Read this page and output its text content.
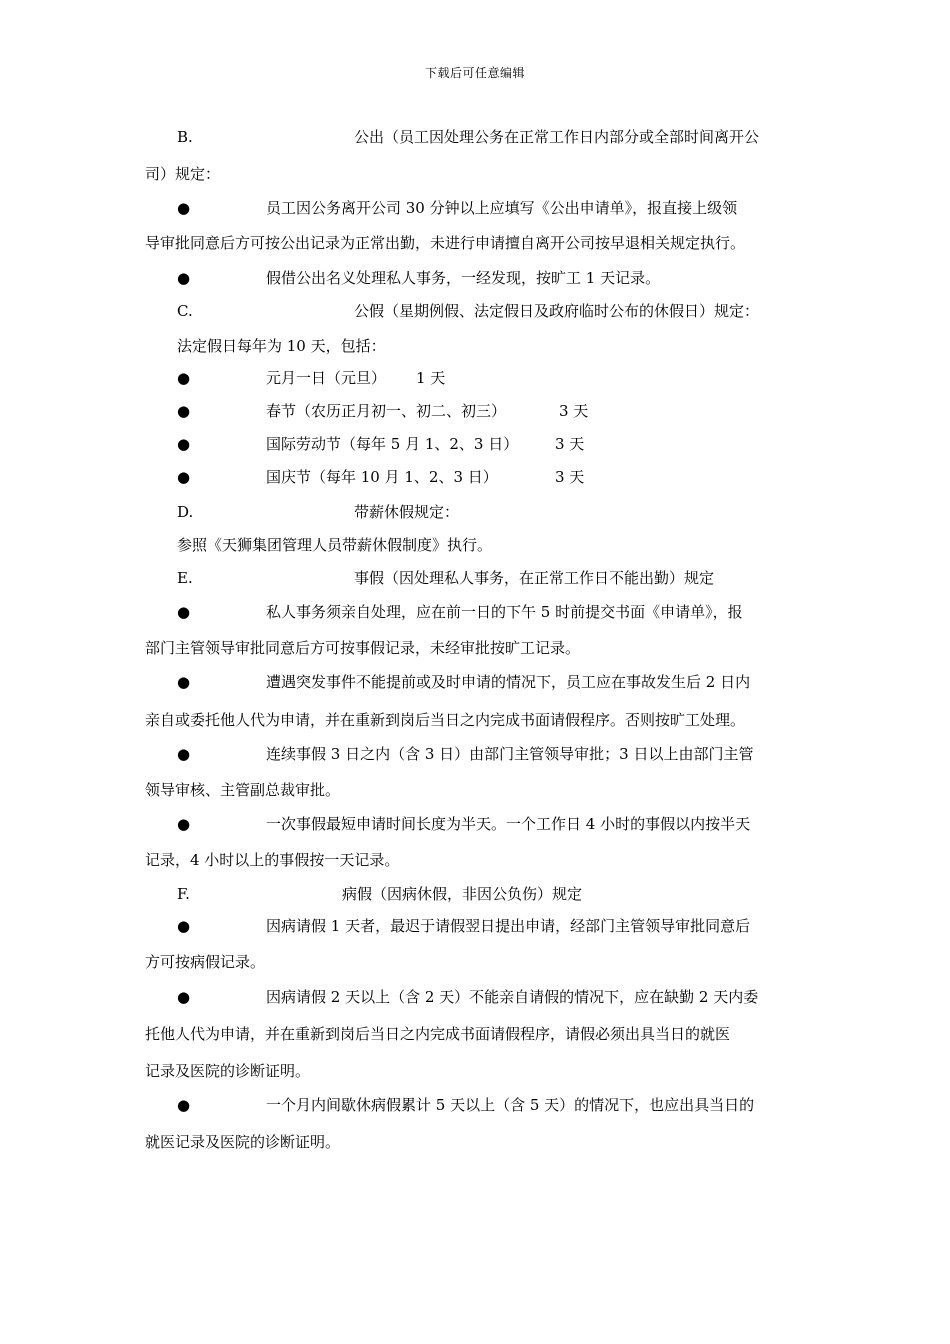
下载后可任意编辑
B.	公出（员工因处理公务在正常工作日内部分或全部时间离开公
司）规定：
●	员工因公务离开公司 30 分钟以上应填写《公出申请单》，报直接上级领
导审批同意后方可按公出记录为正常出勤，未进行申请擅自离开公司按早退相关规定执行。
●	假借公出名义处理私人事务，一经发现，按旷工 1 天记录。
C.	公假（星期例假、法定假日及政府临时公布的休假日）规定：
法定假日每年为 10 天，包括：
●	元月一日（元旦） 1 天
●	春节（农历正月初一、初二、初三）	3 天
●	国际劳动节（每年 5 月 1、2、3 日） 3 天
●	国庆节（每年 10 月 1、2、3 日）	3 天
D.	带薪休假规定：
参照《天狮集团管理人员带薪休假制度》执行。
E.	事假（因处理私人事务，在正常工作日不能出勤）规定
●	私人事务须亲自处理，应在前一日的下午 5 时前提交书面《申请单》，报
部门主管领导审批同意后方可按事假记录，未经审批按旷工记录。
●	遭遇突发事件不能提前或及时申请的情况下，员工应在事故发生后 2 日内
亲自或委托他人代为申请，并在重新到岗后当日之内完成书面请假程序。否则按旷工处理。
●	连续事假 3 日之内（含 3 日）由部门主管领导审批；3 日以上由部门主管
领导审核、主管副总裁审批。
●	一次事假最短申请时间长度为半天。一个工作日 4 小时的事假以内按半天
记录，4 小时以上的事假按一天记录。
F.	病假（因病休假，非因公负伤）规定
●	因病请假 1 天者，最迟于请假翌日提出申请，经部门主管领导审批同意后
方可按病假记录。
●	因病请假 2 天以上（含 2 天）不能亲自请假的情况下，应在缺勤 2 天内委
托他人代为申请，并在重新到岗后当日之内完成书面请假程序，请假必须出具当日的就医
记录及医院的诊断证明。
●	一个月内间歇休病假累计 5 天以上（含 5 天）的情况下，也应出具当日的
就医记录及医院的诊断证明。
